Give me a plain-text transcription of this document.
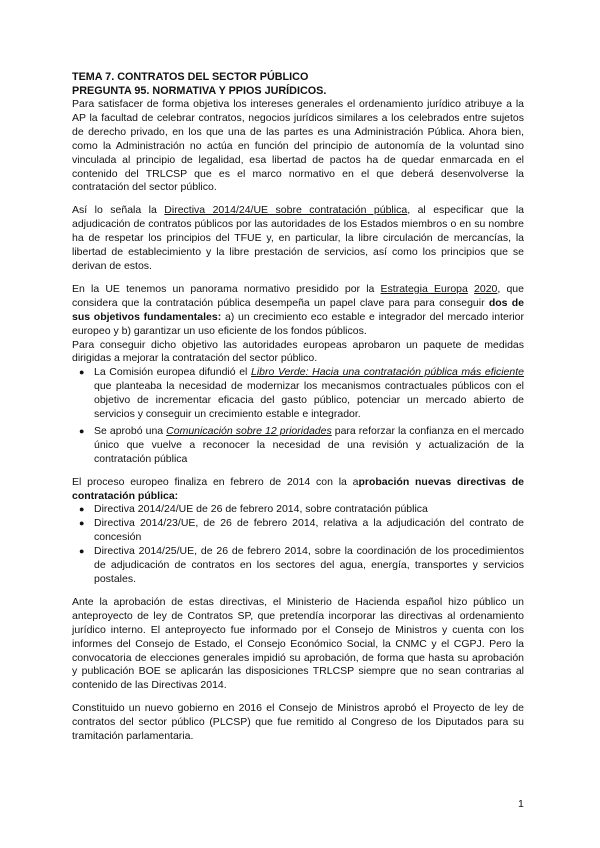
TEMA 7. CONTRATOS DEL SECTOR PÚBLICO

PREGUNTA 95. NORMATIVA Y PPIOS JURÍDICOS.

Para satisfacer de forma objetiva los intereses generales el ordenamiento jurídico atribuye a la AP la facultad de celebrar contratos, negocios jurídicos similares a los celebrados entre sujetos de derecho privado, en los que una de las partes es una Administración Pública. Ahora bien, como la Administración no actúa en función del principio de autonomía de la voluntad sino vinculada al principio de legalidad, esa libertad de pactos ha de quedar enmarcada en el contenido del TRLCSP que es el marco normativo en el que deberá desenvolverse la contratación del sector público.

Así lo señala la Directiva 2014/24/UE sobre contratación pública, al especificar que la adjudicación de contratos públicos por las autoridades de los Estados miembros o en su nombre ha de respetar los principios del TFUE y, en particular, la libre circulación de mercancías, la libertad de establecimiento y la libre prestación de servicios, así como los principios que se derivan de estos.

En la UE tenemos un panorama normativo presidido por la Estrategia Europa 2020, que considera que la contratación pública desempeña un papel clave para para conseguir dos de sus objetivos fundamentales: a) un crecimiento eco estable e integrador del mercado interior europeo y b) garantizar un uso eficiente de los fondos públicos.

Para conseguir dicho objetivo las autoridades europeas aprobaron un paquete de medidas dirigidas a mejorar la contratación del sector público.

● La Comisión europea difundió el Libro Verde: Hacia una contratación pública más eficiente que planteaba la necesidad de modernizar los mecanismos contractuales públicos con el objetivo de incrementar eficacia del gasto público, potenciar un mercado abierto de servicios y conseguir un crecimiento estable e integrador.
● Se aprobó una Comunicación sobre 12 prioridades para reforzar la confianza en el mercado único que vuelve a reconocer la necesidad de una revisión y actualización de la contratación pública

El proceso europeo finaliza en febrero de 2014 con la aprobación nuevas directivas de contratación pública:

● Directiva 2014/24/UE de 26 de febrero 2014, sobre contratación pública
● Directiva 2014/23/UE, de 26 de febrero 2014, relativa a la adjudicación del contrato de concesión
● Directiva 2014/25/UE, de 26 de febrero 2014, sobre la coordinación de los procedimientos de adjudicación de contratos en los sectores del agua, energía, transportes y servicios postales.

Ante la aprobación de estas directivas, el Ministerio de Hacienda español hizo público un anteproyecto de ley de Contratos SP, que pretendía incorporar las directivas al ordenamiento jurídico interno. El anteproyecto fue informado por el Consejo de Ministros y cuenta con los informes del Consejo de Estado, el Consejo Económico Social, la CNMC y el CGPJ. Pero la convocatoria de elecciones generales impidió su aprobación, de forma que hasta su aprobación y publicación BOE se aplicarán las disposiciones TRLCSP siempre que no sean contrarias al contenido de las Directivas 2014.

Constituido un nuevo gobierno en 2016 el Consejo de Ministros aprobó el Proyecto de ley de contratos del sector público (PLCSP) que fue remitido al Congreso de los Diputados para su tramitación parlamentaria.

1
